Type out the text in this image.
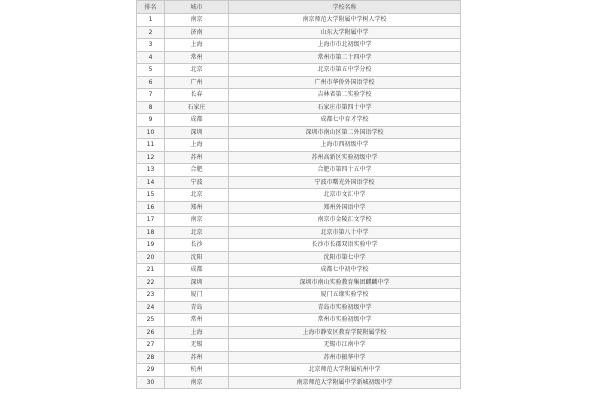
排名	城市	学校名称
1	南京	南京师范大学附属中学树人学校
2	济南	山东大学附属中学
3	上海	上海市市北初级中学
4	常州	常州市第二十四中学
5	北京	北京市第五中学分校
6	广州	广州市华侨外国语学校
7	长春	吉林省第二实验学校
8	石家庄	石家庄市第四十中学
9	成都	成都七中育才学校
10	深圳	深圳市南山区第二外国语学校
11	上海	上海市西初级中学
12	苏州	苏州高新区实验初级中学
13	合肥	合肥市第四十五中学
14	宁波	宁波市曙光外国语学校
15	北京	北京市文汇中学
16	郑州	郑州外国语中学
17	南京	南京市金陵汇文学校
18	北京	北京市第八十中学
19	长沙	长沙市长郡双语实验中学
20	沈阳	沈阳市第七中学
21	成都	成都七中初中学校
22	深圳	深圳市南山实验教育集团麒麟中学
23	厦门	厦门五缘实验学校
24	青岛	青岛市实验初级中学
25	常州	常州市实验初级中学
26	上海	上海市静安区教育学院附属学校
27	无锡	无锡市江南中学
28	苏州	苏州市振华中学
29	杭州	北京师范大学附属杭州中学
30	南京	南京师范大学附属中学新城初级中学
